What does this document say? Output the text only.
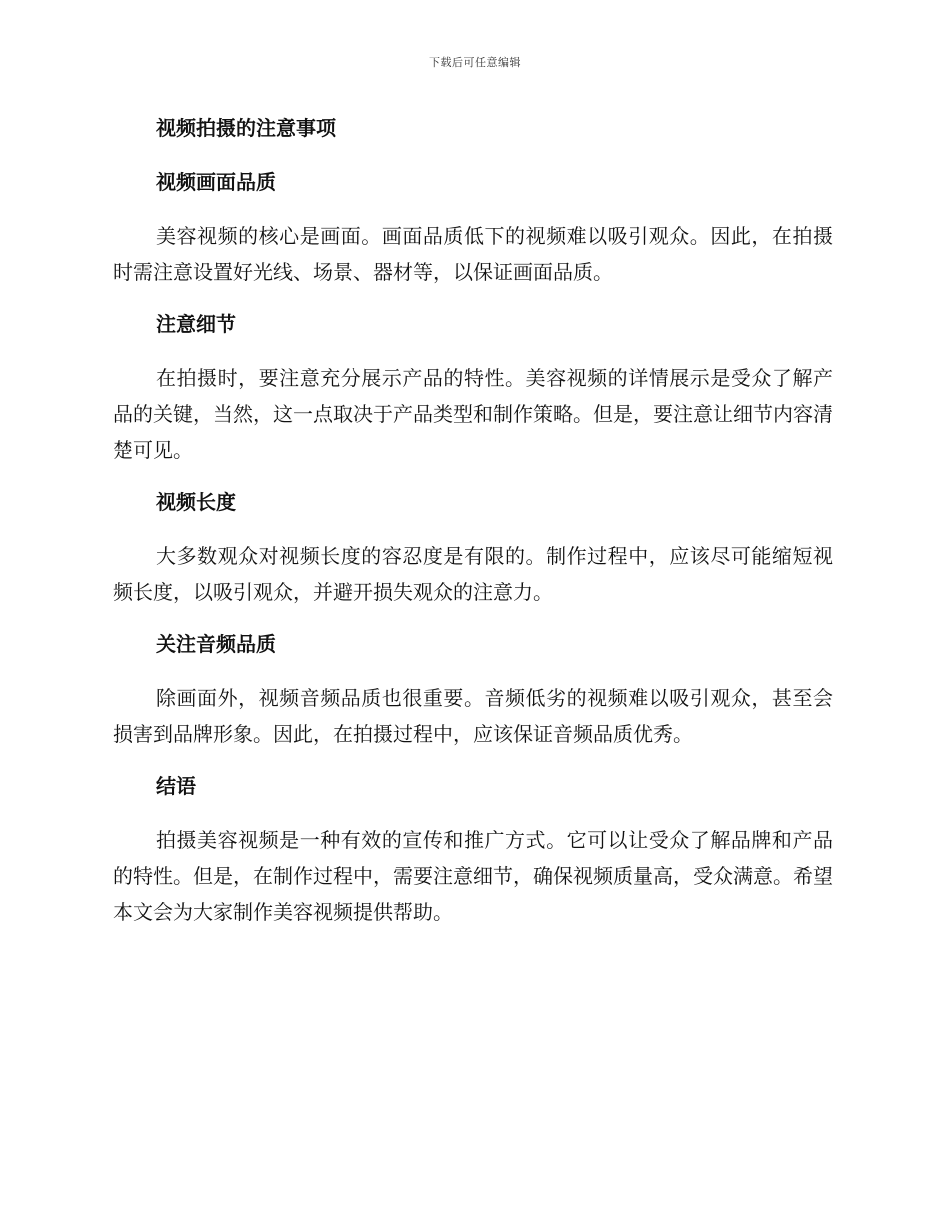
下载后可任意编辑
视频拍摄的注意事项
视频画面品质

美容视频的核心是画面。画面品质低下的视频难以吸引观众。因此，在拍摄时需注意设置好光线、场景、器材等，以保证画面品质。

注意细节

在拍摄时，要注意充分展示产品的特性。美容视频的详情展示是受众了解产品的关键，当然，这一点取决于产品类型和制作策略。但是，要注意让细节内容清楚可见。

视频长度

大多数观众对视频长度的容忍度是有限的。制作过程中，应该尽可能缩短视频长度，以吸引观众，并避开损失观众的注意力。

关注音频品质

除画面外，视频音频品质也很重要。音频低劣的视频难以吸引观众，甚至会损害到品牌形象。因此，在拍摄过程中，应该保证音频品质优秀。

结语

拍摄美容视频是一种有效的宣传和推广方式。它可以让受众了解品牌和产品的特性。但是，在制作过程中，需要注意细节，确保视频质量高，受众满意。希望本文会为大家制作美容视频提供帮助。
